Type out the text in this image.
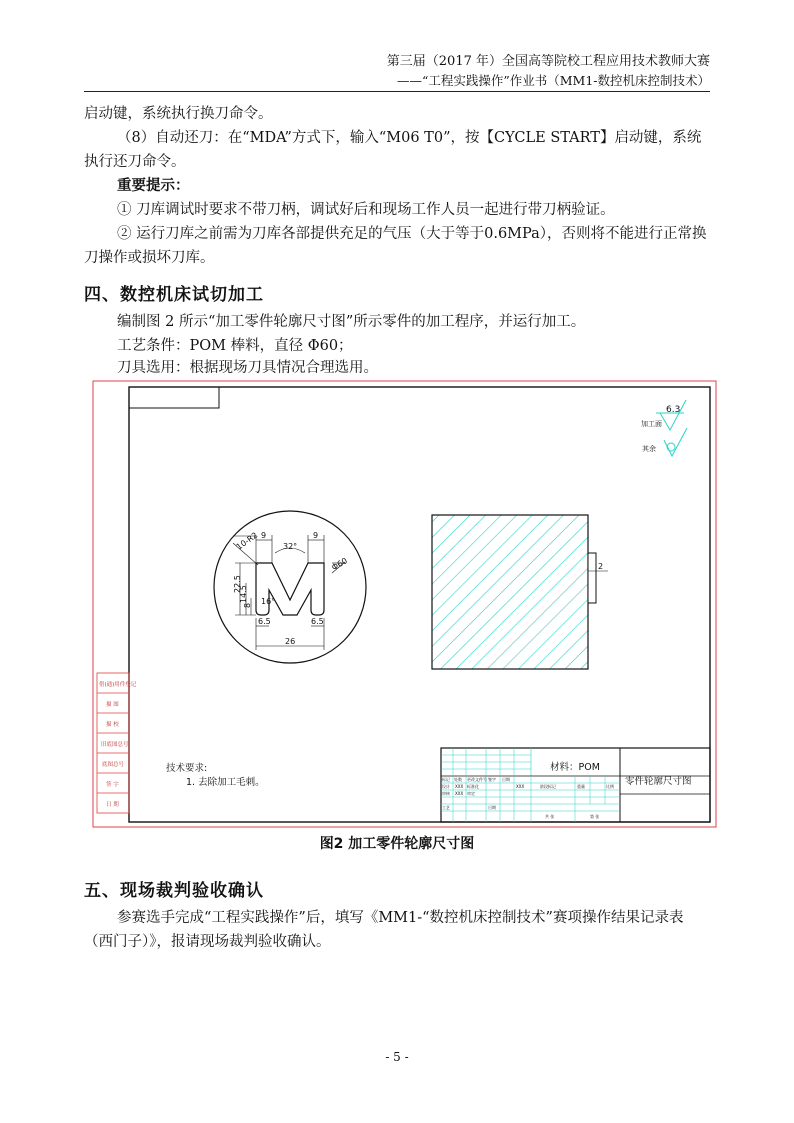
第三届（2017 年）全国高等院校工程应用技术教师大赛
——“工程实践操作”作业书（MM1-数控机床控制技术）
启动键，系统执行换刀命令。
（8）自动还刀：在“MDA”方式下，输入“M06 T0”，按【CYCLE START】启动键，系统执行还刀命令。
重要提示：
① 刀库调试时要求不带刀柄，调试好后和现场工作人员一起进行带刀柄验证。
② 运行刀库之前需为刀库各部提供充足的气压（大于等于0.6MPa），否则将不能进行正常换刀操作或损坏刀库。
四、数控机床试切加工
编制图 2 所示“加工零件轮廓尺寸图”所示零件的加工程序，并运行加工。
工艺条件：POM 棒料，直径 Φ60；
刀具选用：根据现场刀具情况合理选用。
6.3
加工面
其余
10-R2 9
32°
9
Φ60
22.5
14.5
8 16°
6.5	6.5
26
2
借(通)用件登记
描 图
描 校
旧底图总号
底图总号
签 字
日 期
技术要求:
1. 去除加工毛刺。
材料：POM
零件轮廓尺寸图
标记 处数 更改文件号 签字 日期
设计 XXX 标准化	XXX
审核 XXX 审定
工艺	日期
阶段标记	重量	比例
共 张	第 张
图2 加工零件轮廓尺寸图
五、现场裁判验收确认
参赛选手完成“工程实践操作”后，填写《MM1-“数控机床控制技术”赛项操作结果记录表（西门子）》，报请现场裁判验收确认。
- 5 -
